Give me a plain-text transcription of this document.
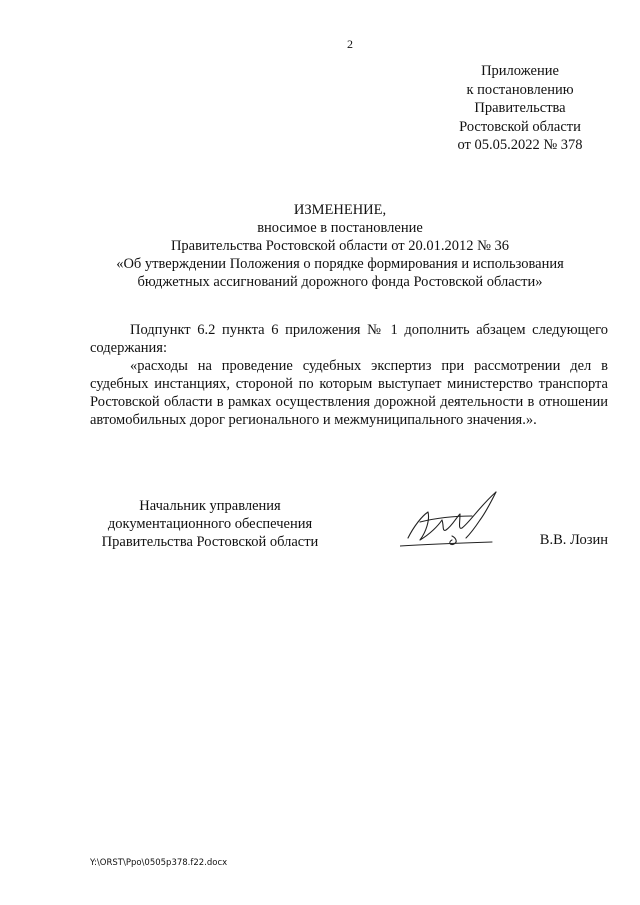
2
Приложение
к постановлению
Правительства
Ростовской области
от 05.05.2022 № 378
ИЗМЕНЕНИЕ,
вносимое в постановление
Правительства Ростовской области от 20.01.2012 № 36
«Об утверждении Положения о порядке формирования и использования
бюджетных ассигнований дорожного фонда Ростовской области»

Подпункт 6.2 пункта 6 приложения № 1 дополнить абзацем следующего содержания:

«расходы на проведение судебных экспертиз при рассмотрении дел в судебных инстанциях, стороной по которым выступает министерство транспорта Ростовской области в рамках осуществления дорожной деятельности в отношении автомобильных дорог регионального и межмуниципального значения.».

Начальник управления
документационного обеспечения
Правительства Ростовской области	В.В. Лозин
Y:\ORST\Ppo\0505p378.f22.docx
